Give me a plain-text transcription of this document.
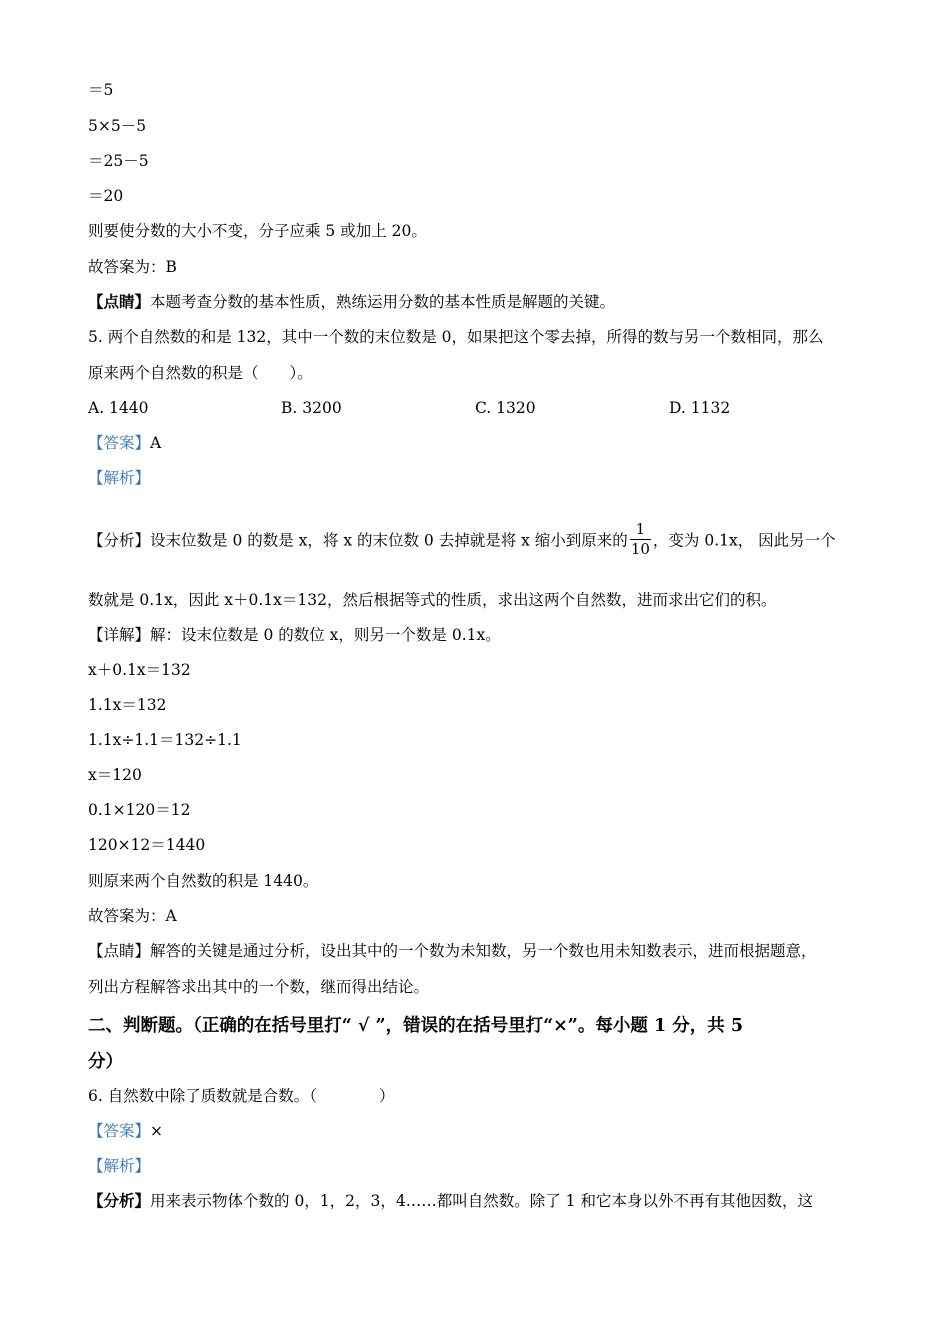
＝5
5×5－5
＝25－5
＝20
则要使分数的大小不变，分子应乘 5 或加上 20。
故答案为：B
【点睛】本题考查分数的基本性质，熟练运用分数的基本性质是解题的关键。
5. 两个自然数的和是 132，其中一个数的末位数是 0，如果把这个零去掉，所得的数与另一个数相同，那么
原来两个自然数的积是（　　）。
A. 1440	B. 3200	C. 1320	D. 1132
【答案】A
【解析】
【分析】设末位数是 0 的数是 x，将 x 的末位数 0 去掉就是将 x 缩小到原来的 $\frac{1}{10}$ ，变为 0.1x， 因此另一个
数就是 0.1x，因此 x＋0.1x＝132，然后根据等式的性质，求出这两个自然数，进而求出它们的积。
【详解】解：设末位数是 0 的数位 x，则另一个数是 0.1x。
x＋0.1x＝132
1.1x＝132
1.1x÷1.1＝132÷1.1
x＝120
0.1×120＝12
120×12＝1440
则原来两个自然数的积是 1440。
故答案为：A
【点睛】解答的关键是通过分析，设出其中的一个数为未知数，另一个数也用未知数表示，进而根据题意，
列出方程解答求出其中的一个数，继而得出结论。
二、判断题。（正确的在括号里打“ √ ”，错误的在括号里打“×”。每小题 1 分，共 5
分）
6. 自然数中除了质数就是合数。（　　　　）
【答案】×
【解析】
【分析】用来表示物体个数的 0，1，2，3，4……都叫自然数。除了 1 和它本身以外不再有其他因数，这
